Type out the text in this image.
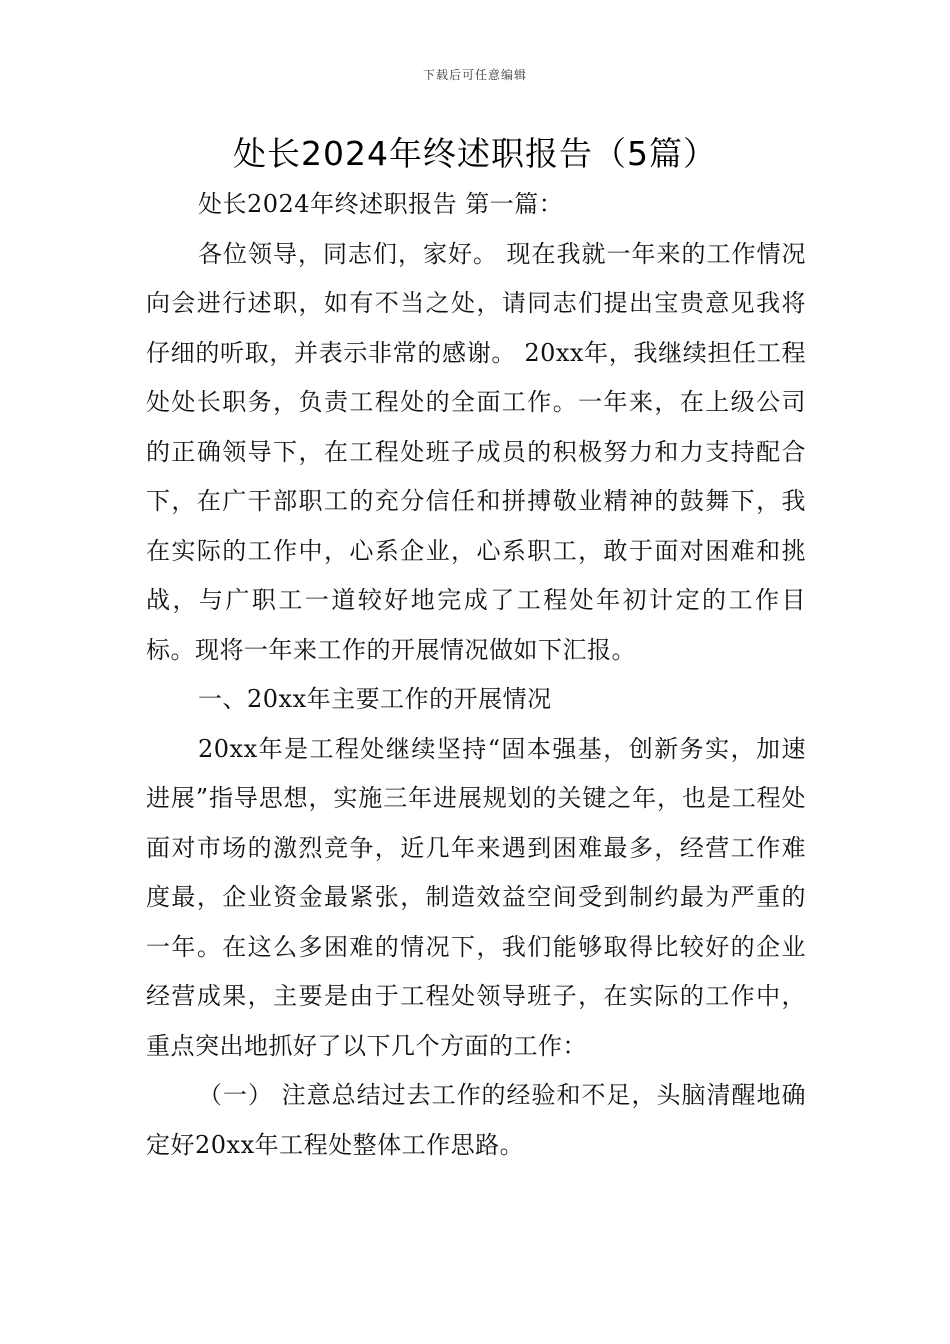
下载后可任意编辑
处长2024年终述职报告（5篇）

处长2024年终述职报告 第一篇：

各位领导，同志们，家好。 现在我就一年来的工作情况向会进行述职，如有不当之处，请同志们提出宝贵意见我将仔细的听取，并表示非常的感谢。 20xx年，我继续担任工程处处长职务，负责工程处的全面工作。一年来，在上级公司的正确领导下，在工程处班子成员的积极努力和力支持配合下，在广干部职工的充分信任和拼搏敬业精神的鼓舞下，我在实际的工作中，心系企业，心系职工，敢于面对困难和挑战，与广职工一道较好地完成了工程处年初计定的工作目标。现将一年来工作的开展情况做如下汇报。

一、20xx年主要工作的开展情况

20xx年是工程处继续坚持“固本强基，创新务实，加速进展”指导思想，实施三年进展规划的关键之年，也是工程处面对市场的激烈竞争，近几年来遇到困难最多，经营工作难度最，企业资金最紧张，制造效益空间受到制约最为严重的一年。在这么多困难的情况下，我们能够取得比较好的企业经营成果，主要是由于工程处领导班子，在实际的工作中，重点突出地抓好了以下几个方面的工作：

（一） 注意总结过去工作的经验和不足，头脑清醒地确定好20xx年工程处整体工作思路。
